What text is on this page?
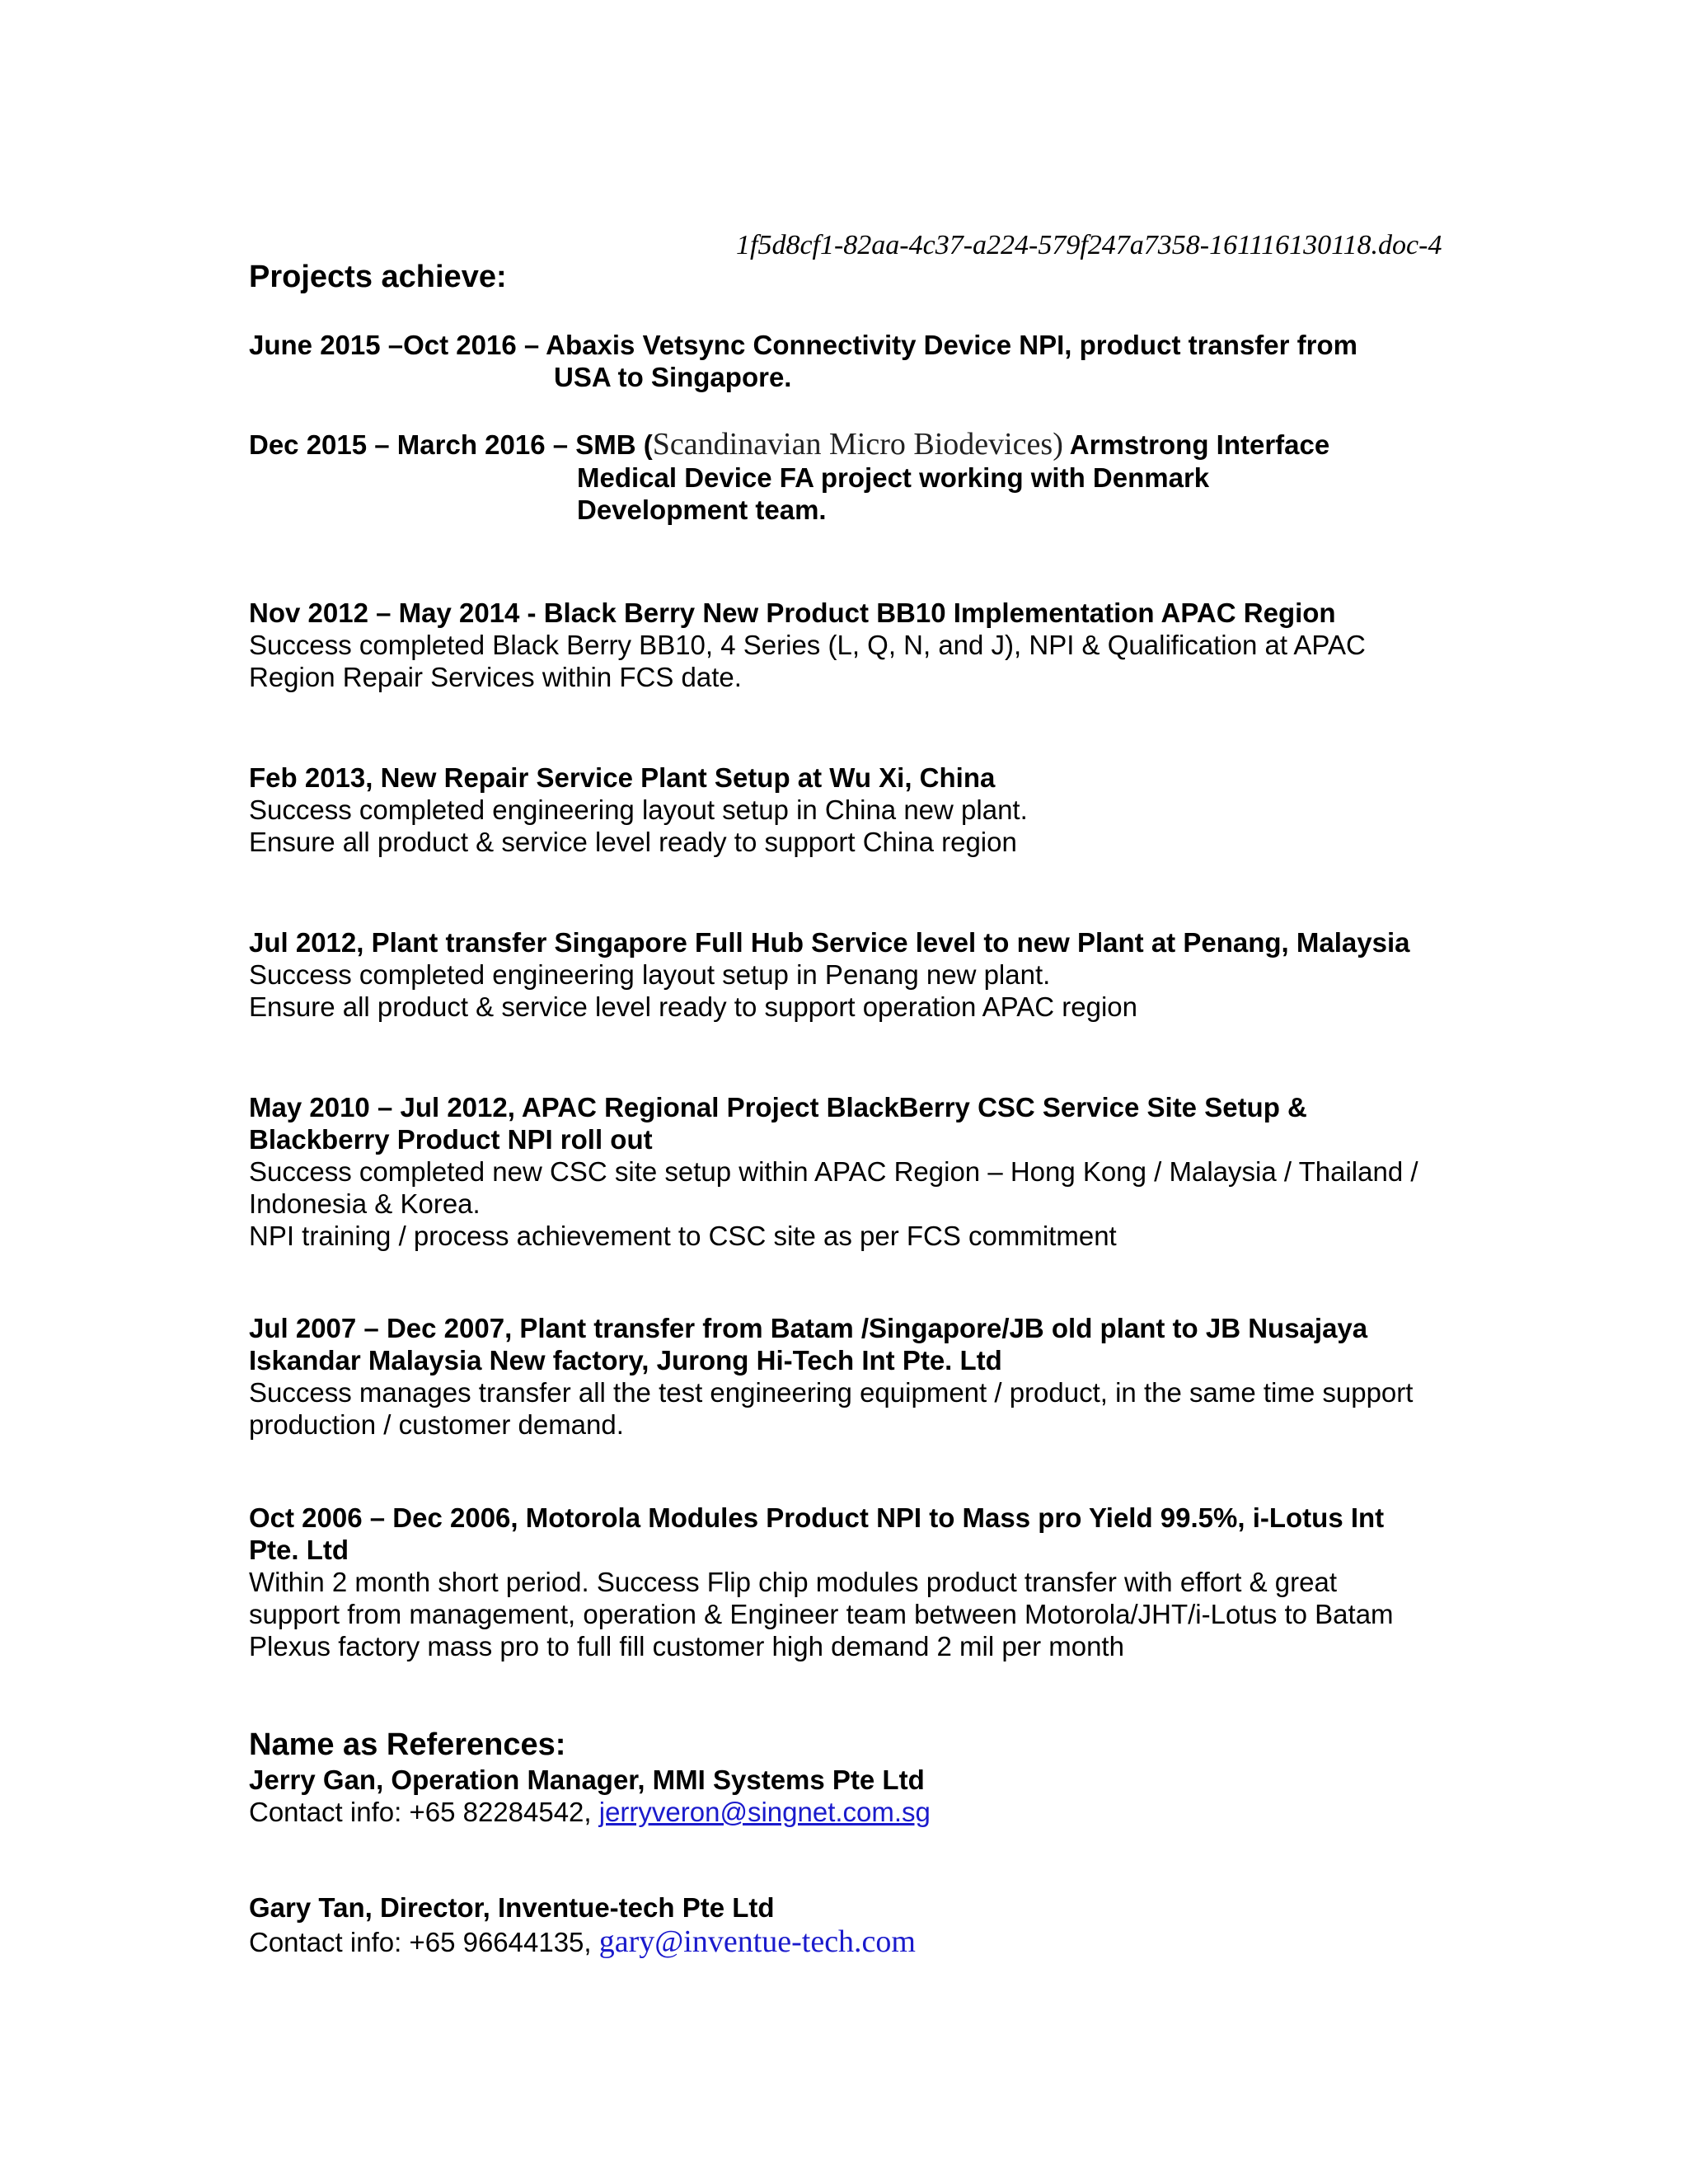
1f5d8cf1-82aa-4c37-a224-579f247a7358-161116130118.doc-4
Projects achieve:
June 2015 –Oct 2016 – Abaxis Vetsync Connectivity Device NPI, product transfer from
USA to Singapore.
Dec 2015 – March 2016 – SMB (Scandinavian Micro Biodevices) Armstrong Interface
Medical Device FA project working with Denmark
Development team.
Nov 2012 – May 2014 - Black Berry New Product BB10 Implementation APAC Region
Success completed Black Berry BB10, 4 Series (L, Q, N, and J), NPI & Qualification at APAC
Region Repair Services within FCS date.
Feb 2013, New Repair Service Plant Setup at Wu Xi, China
Success completed engineering layout setup in China new plant.
Ensure all product & service level ready to support China region
Jul 2012, Plant transfer Singapore Full Hub Service level to new Plant at Penang, Malaysia
Success completed engineering layout setup in Penang new plant.
Ensure all product & service level ready to support operation APAC region
May 2010 – Jul 2012, APAC Regional Project BlackBerry CSC Service Site Setup &
Blackberry Product NPI roll out
Success completed new CSC site setup within APAC Region – Hong Kong / Malaysia / Thailand /
Indonesia & Korea.
NPI training / process achievement to CSC site as per FCS commitment
Jul 2007 – Dec 2007, Plant transfer from Batam /Singapore/JB old plant to JB Nusajaya
Iskandar Malaysia New factory, Jurong Hi-Tech Int Pte. Ltd
Success manages transfer all the test engineering equipment / product, in the same time support
production / customer demand.
Oct 2006 – Dec 2006, Motorola Modules Product NPI to Mass pro Yield 99.5%, i-Lotus Int
Pte. Ltd
Within 2 month short period. Success Flip chip modules product transfer with effort & great
support from management, operation & Engineer team between Motorola/JHT/i-Lotus to Batam
Plexus factory mass pro to full fill customer high demand 2 mil per month
Name as References:
Jerry Gan, Operation Manager, MMI Systems Pte Ltd
Contact info: +65 82284542, jerryveron@singnet.com.sg
Gary Tan, Director, Inventue-tech Pte Ltd
Contact info: +65 96644135, gary@inventue-tech.com
